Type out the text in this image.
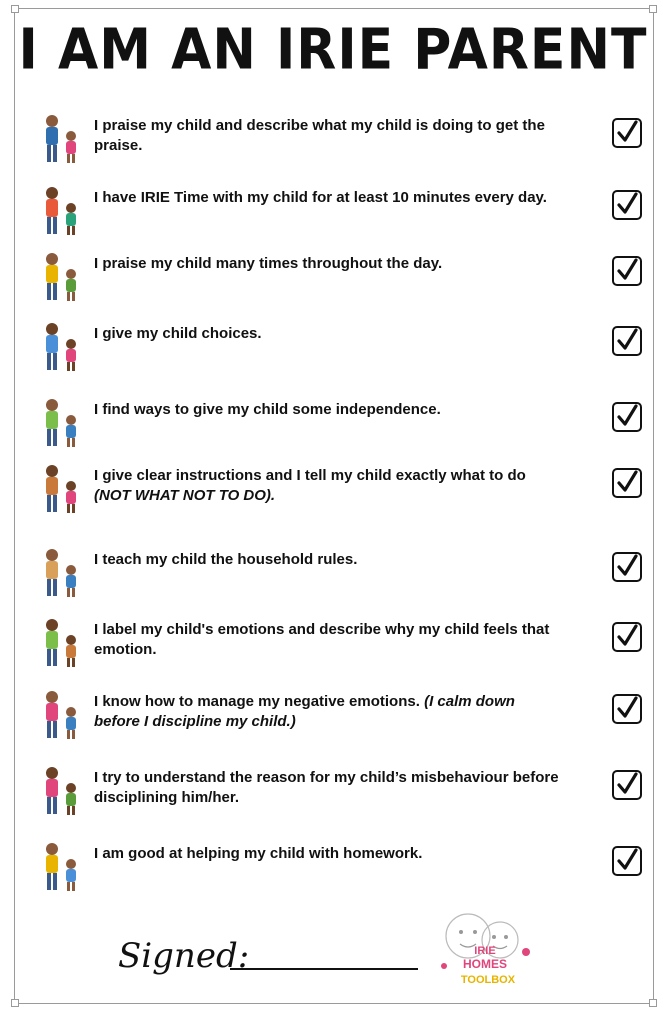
I AM AN IRIE PARENT
I praise my child and describe what my child is doing to get the praise.
I have IRIE Time with my child for at least 10 minutes every day.
I praise my child many times throughout the day.
I give my child choices.
I find ways to give my child some independence.
I give clear instructions and I tell my child exactly what to do (NOT WHAT NOT TO DO).
I teach my child the household rules.
I label my child's emotions and describe why my child feels that emotion.
I know how to manage my negative emotions. (I calm down before I discipline my child.)
I try to understand the reason for my child’s misbehaviour before disciplining him/her.
I am good at helping my child with homework.
Signed:	IRIE
HOMES
TOOLBOX
